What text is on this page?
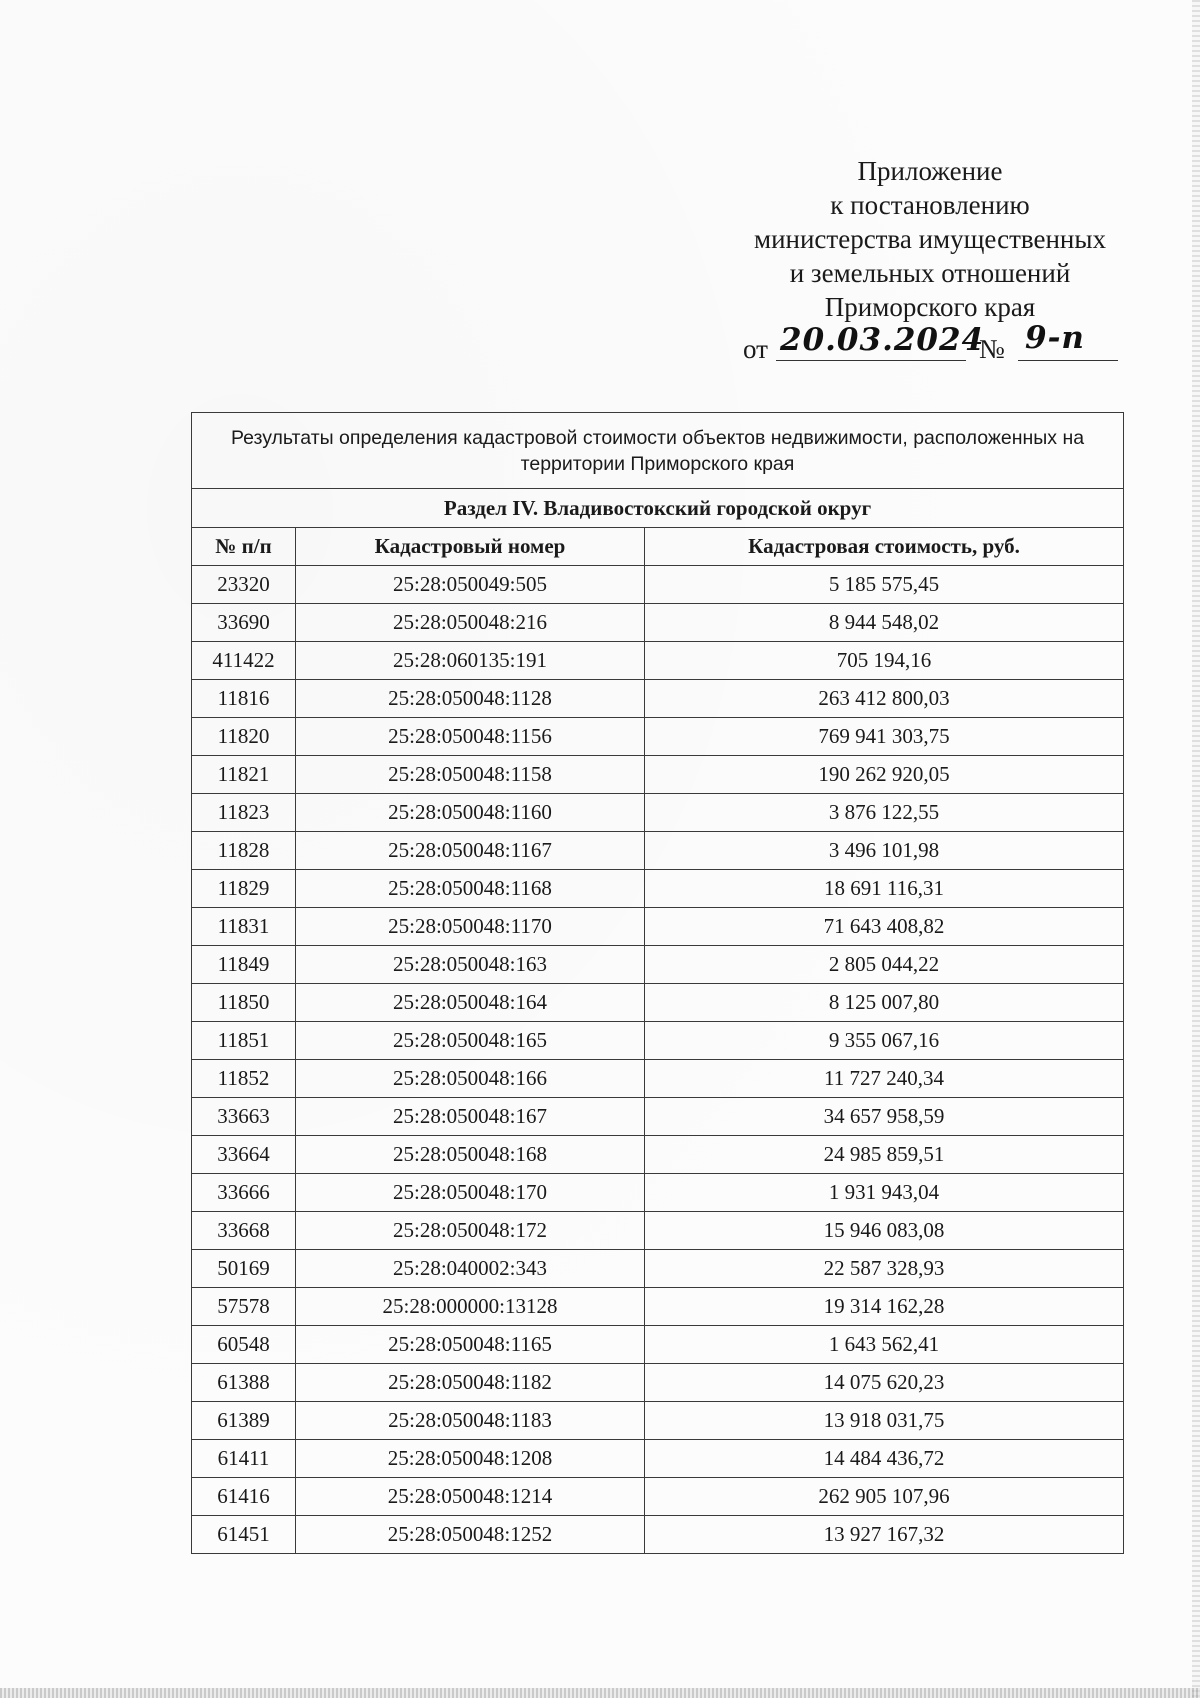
Приложение
к постановлению
министерства имущественных
и земельных отношений
Приморского края
от 20.03.2024
№ 9-п
Результаты определения кадастровой стоимости объектов недвижимости, расположенных на территории Приморского края		
Раздел IV. Владивостокский городской округ		
№ п/п	Кадастровый номер	Кадастровая стоимость, руб.
23320	25:28:050049:505	5 185 575,45
33690	25:28:050048:216	8 944 548,02
411422	25:28:060135:191	705 194,16
11816	25:28:050048:1128	263 412 800,03
11820	25:28:050048:1156	769 941 303,75
11821	25:28:050048:1158	190 262 920,05
11823	25:28:050048:1160	3 876 122,55
11828	25:28:050048:1167	3 496 101,98
11829	25:28:050048:1168	18 691 116,31
11831	25:28:050048:1170	71 643 408,82
11849	25:28:050048:163	2 805 044,22
11850	25:28:050048:164	8 125 007,80
11851	25:28:050048:165	9 355 067,16
11852	25:28:050048:166	11 727 240,34
33663	25:28:050048:167	34 657 958,59
33664	25:28:050048:168	24 985 859,51
33666	25:28:050048:170	1 931 943,04
33668	25:28:050048:172	15 946 083,08
50169	25:28:040002:343	22 587 328,93
57578	25:28:000000:13128	19 314 162,28
60548	25:28:050048:1165	1 643 562,41
61388	25:28:050048:1182	14 075 620,23
61389	25:28:050048:1183	13 918 031,75
61411	25:28:050048:1208	14 484 436,72
61416	25:28:050048:1214	262 905 107,96
61451	25:28:050048:1252	13 927 167,32
